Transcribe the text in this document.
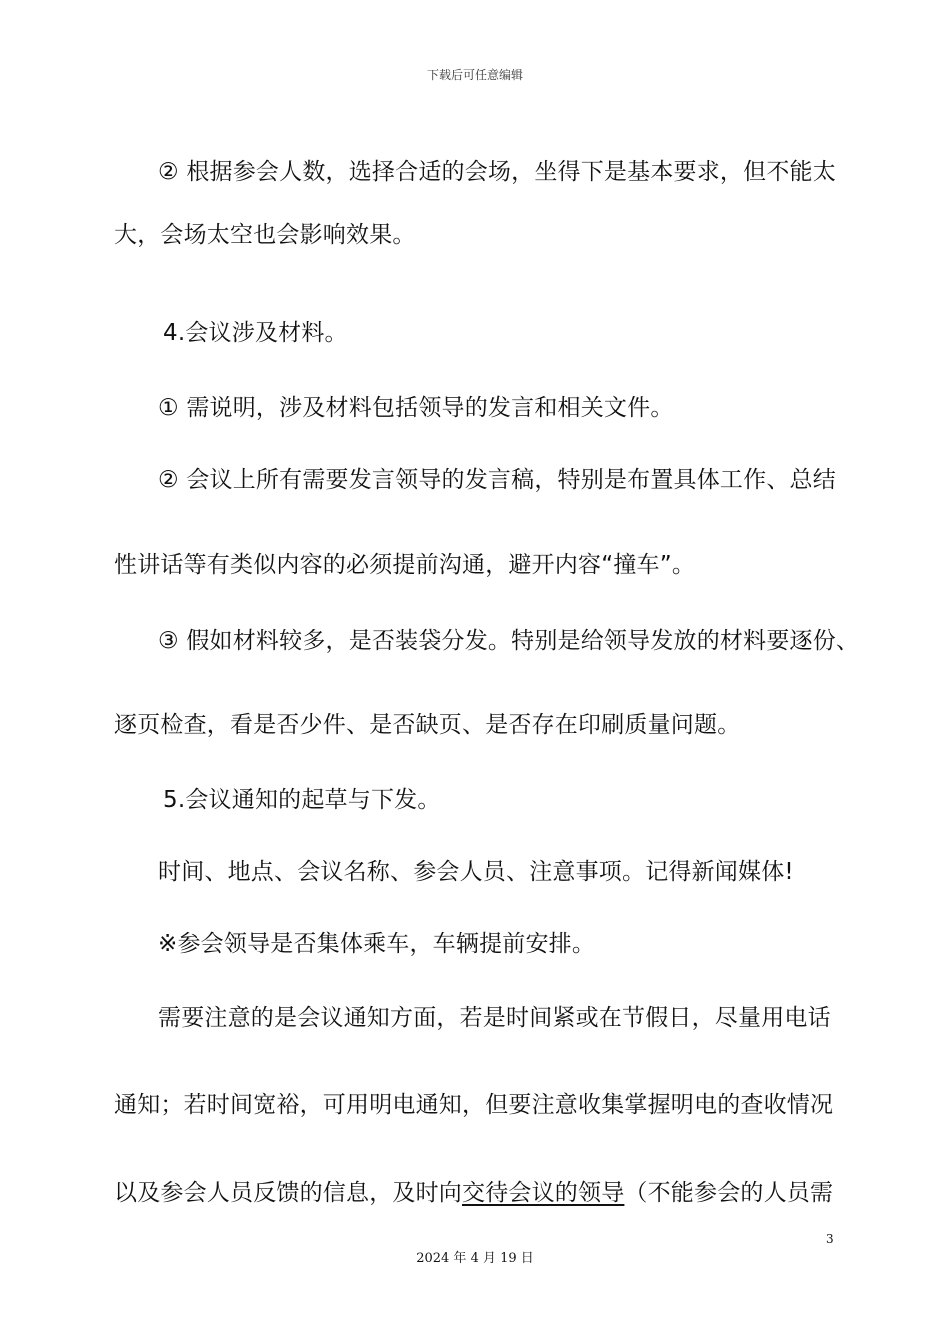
下载后可任意编辑
② 根据参会人数，选择合适的会场，坐得下是基本要求，但不能太
大，会场太空也会影响效果。
4.会议涉及材料。
① 需说明，涉及材料包括领导的发言和相关文件。
② 会议上所有需要发言领导的发言稿，特别是布置具体工作、总结
性讲话等有类似内容的必须提前沟通，避开内容“撞车”。
③ 假如材料较多，是否装袋分发。特别是给领导发放的材料要逐份、
逐页检查，看是否少件、是否缺页、是否存在印刷质量问题。
5.会议通知的起草与下发。
时间、地点、会议名称、参会人员、注意事项。记得新闻媒体!
※参会领导是否集体乘车，车辆提前安排。
需要注意的是会议通知方面，若是时间紧或在节假日，尽量用电话
通知；若时间宽裕，可用明电通知，但要注意收集掌握明电的查收情况
以及参会人员反馈的信息，及时向交待会议的领导（不能参会的人员需
3
2024 年 4 月 19 日
